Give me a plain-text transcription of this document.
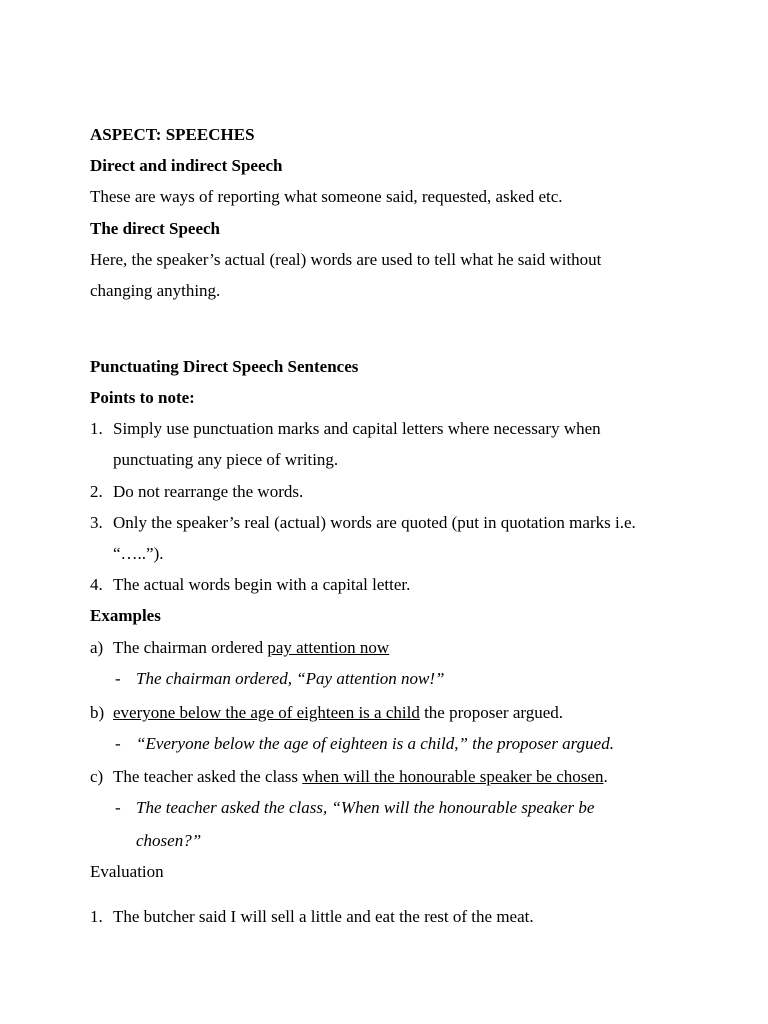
ASPECT: SPEECHES
Direct and indirect Speech
These are ways of reporting what someone said, requested, asked etc.
The direct Speech
Here, the speaker’s actual (real) words are used to tell what he said without
changing anything.
Punctuating Direct Speech Sentences
Points to note:
1. Simply use punctuation marks and capital letters where necessary when
punctuating any piece of writing.
2. Do not rearrange the words.
3. Only the speaker’s real (actual) words are quoted (put in quotation marks i.e.
“…..”).
4. The actual words begin with a capital letter.
Examples
a) The chairman ordered pay attention now
- The chairman ordered, “Pay attention now!”
b) everyone below the age of eighteen is a child the proposer argued.
- “Everyone below the age of eighteen is a child,” the proposer argued.
c) The teacher asked the class when will the honourable speaker be chosen.
- The teacher asked the class, “When will the honourable speaker be
chosen?”
Evaluation
1. The butcher said I will sell a little and eat the rest of the meat.
